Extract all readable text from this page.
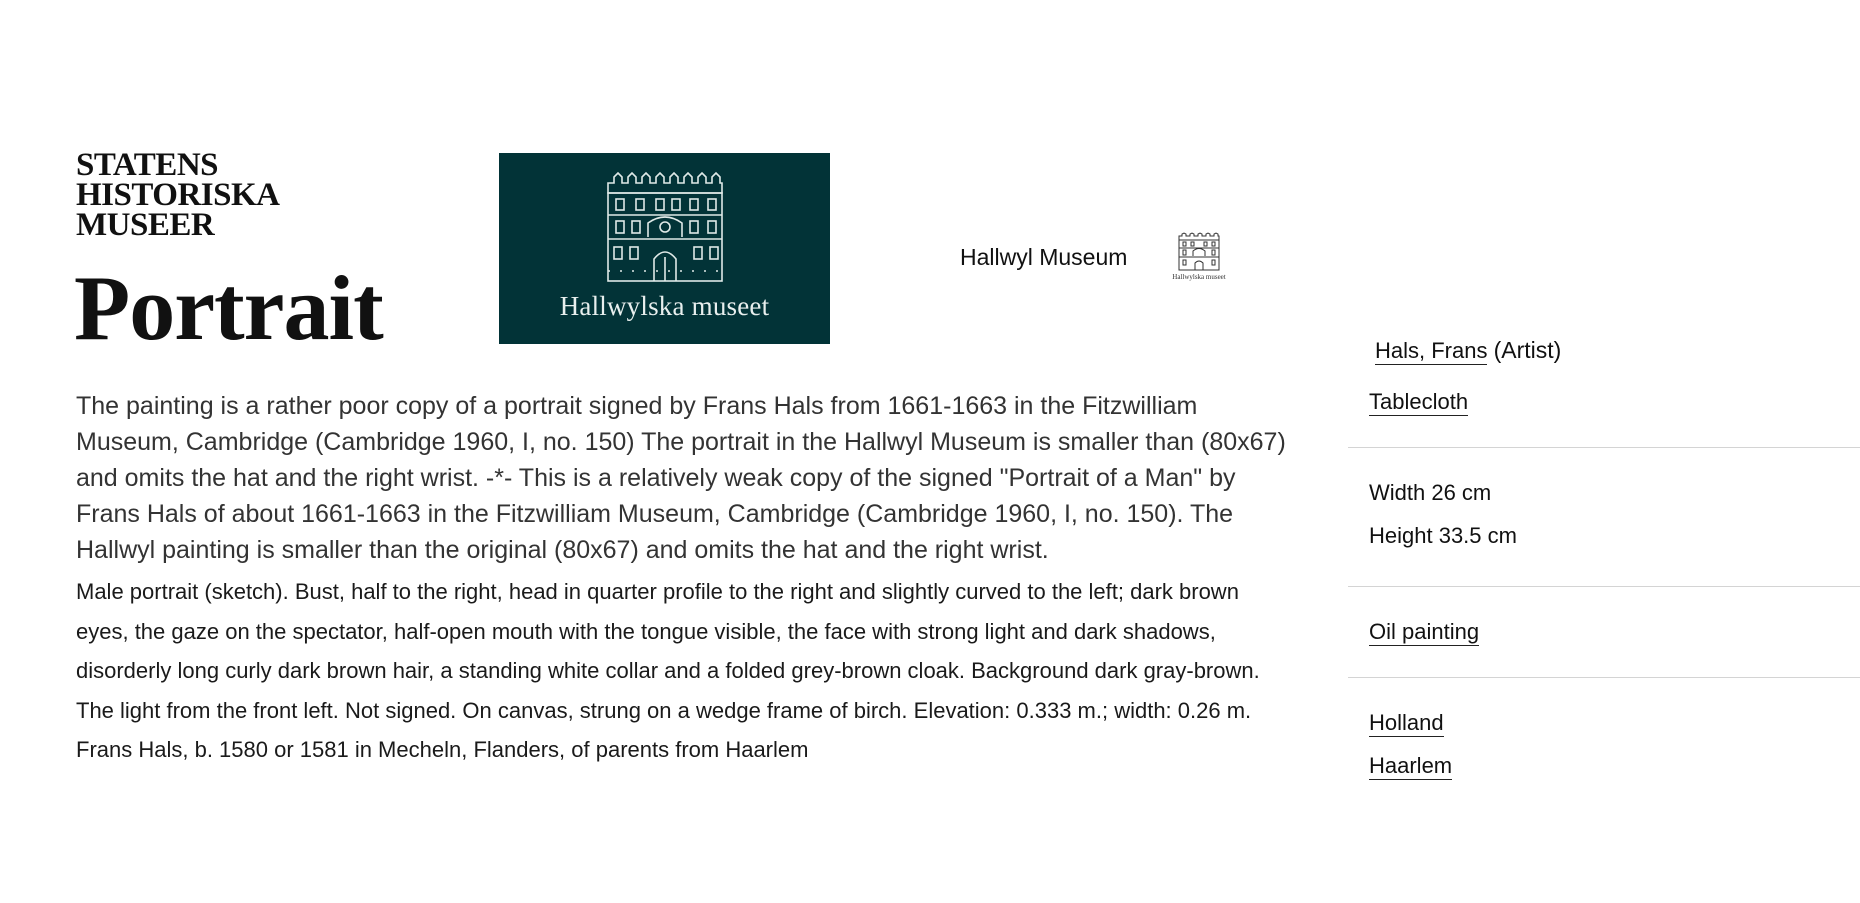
STATENS
HISTORISKA
MUSEER
Portrait	Hallwylska museet
Hallwyl Museum
Hallwylska museet

The painting is a rather poor copy of a portrait signed by Frans Hals from 1661-1663 in the Fitzwilliam Museum, Cambridge (Cambridge 1960, I, no. 150) The portrait in the Hallwyl Museum is smaller than (80x67) and omits the hat and the right wrist. -*- This is a relatively weak copy of the signed "Portrait of a Man" by Frans Hals of about 1661-1663 in the Fitzwilliam Museum, Cambridge (Cambridge 1960, I, no. 150). The Hallwyl painting is smaller than the original (80x67) and omits the hat and the right wrist.

Male portrait (sketch). Bust, half to the right, head in quarter profile to the right and slightly curved to the left; dark brown eyes, the gaze on the spectator, half-open mouth with the tongue visible, the face with strong light and dark shadows, disorderly long curly dark brown hair, a standing white collar and a folded grey-brown cloak. Background dark gray-brown. The light from the front left. Not signed. On canvas, strung on a wedge frame of birch. Elevation: 0.333 m.; width: 0.26 m. Frans Hals, b. 1580 or 1581 in Mecheln, Flanders, of parents from Haarlem

Hals, Frans (Artist)
Tablecloth
Width 26 cm
Height 33.5 cm
Oil painting
Holland
Haarlem
